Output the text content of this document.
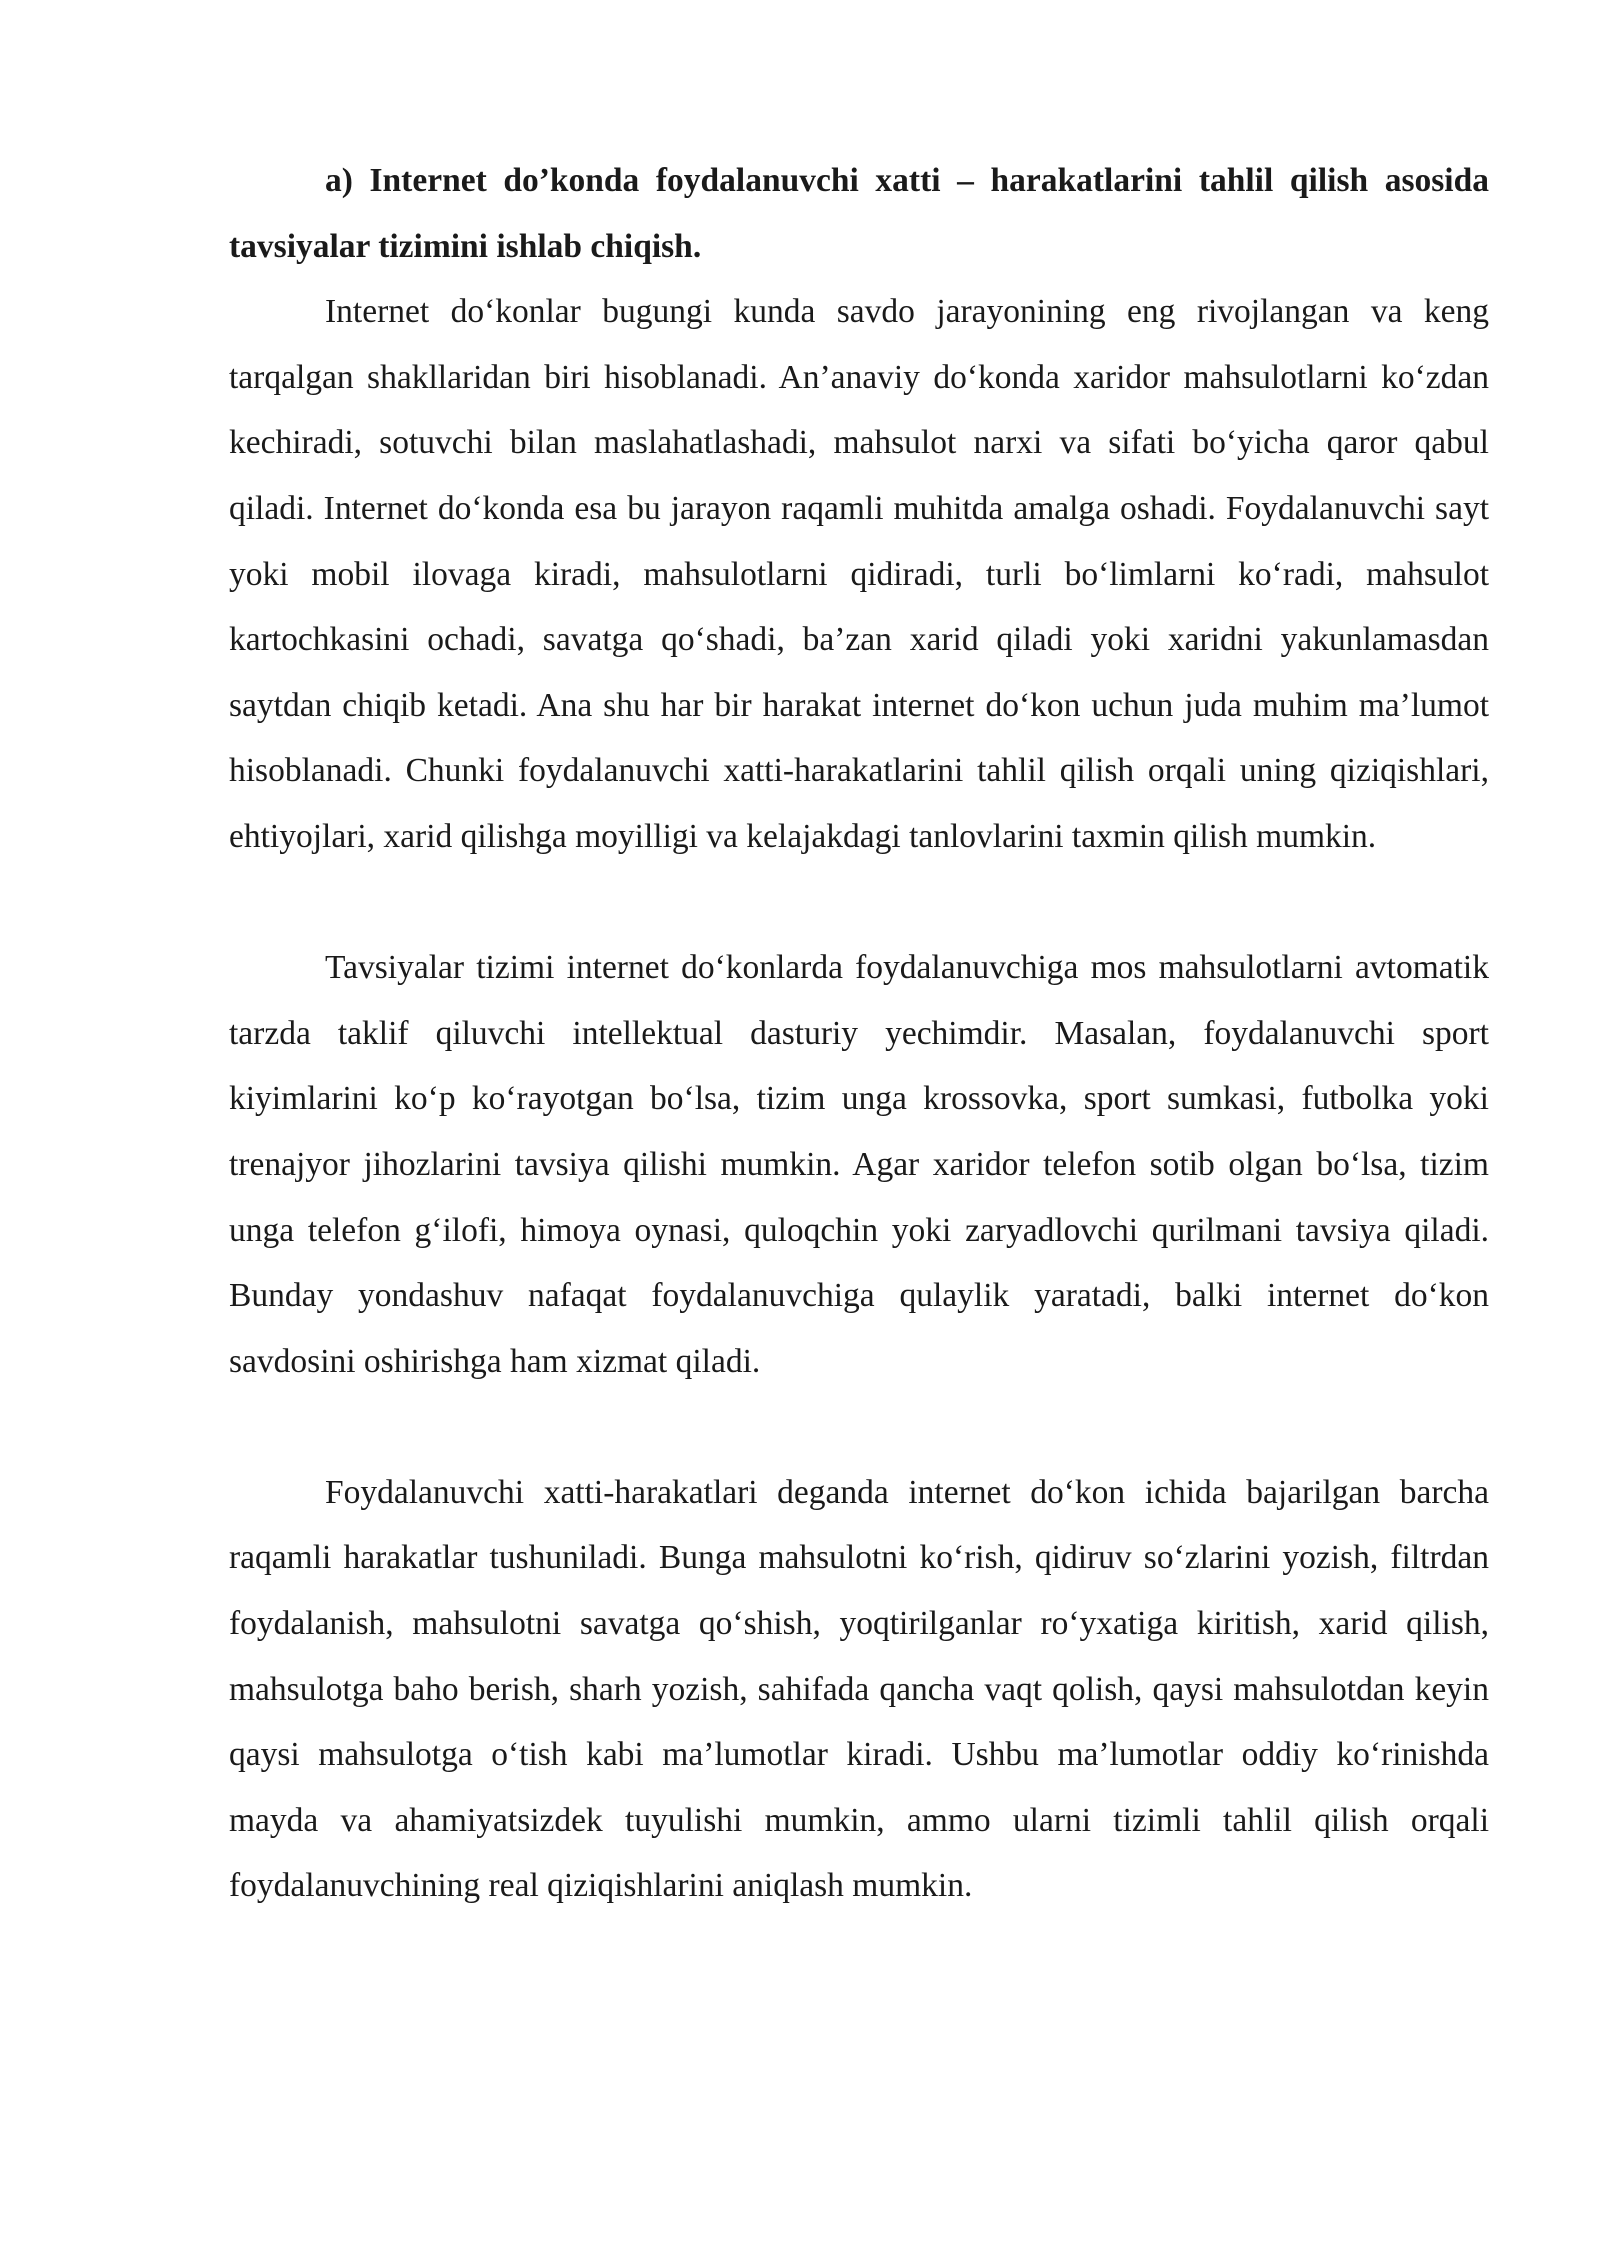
a) Internet do’konda foydalanuvchi xatti – harakatlarini tahlil qilish asosida tavsiyalar tizimini ishlab chiqish.

Internet do‘konlar bugungi kunda savdo jarayonining eng rivojlangan va keng tarqalgan shakllaridan biri hisoblanadi. An’anaviy do‘konda xaridor mahsulotlarni ko‘zdan kechiradi, sotuvchi bilan maslahatlashadi, mahsulot narxi va sifati bo‘yicha qaror qabul qiladi. Internet do‘konda esa bu jarayon raqamli muhitda amalga oshadi. Foydalanuvchi sayt yoki mobil ilovaga kiradi, mahsulotlarni qidiradi, turli bo‘limlarni ko‘radi, mahsulot kartochkasini ochadi, savatga qo‘shadi, ba’zan xarid qiladi yoki xaridni yakunlamasdan saytdan chiqib ketadi. Ana shu har bir harakat internet do‘kon uchun juda muhim ma’lumot hisoblanadi. Chunki foydalanuvchi xatti-harakatlarini tahlil qilish orqali uning qiziqishlari, ehtiyojlari, xarid qilishga moyilligi va kelajakdagi tanlovlarini taxmin qilish mumkin.

Tavsiyalar tizimi internet do‘konlarda foydalanuvchiga mos mahsulotlarni avtomatik tarzda taklif qiluvchi intellektual dasturiy yechimdir. Masalan, foydalanuvchi sport kiyimlarini ko‘p ko‘rayotgan bo‘lsa, tizim unga krossovka, sport sumkasi, futbolka yoki trenajyor jihozlarini tavsiya qilishi mumkin. Agar xaridor telefon sotib olgan bo‘lsa, tizim unga telefon g‘ilofi, himoya oynasi, quloqchin yoki zaryadlovchi qurilmani tavsiya qiladi. Bunday yondashuv nafaqat foydalanuvchiga qulaylik yaratadi, balki internet do‘kon savdosini oshirishga ham xizmat qiladi.

Foydalanuvchi xatti-harakatlari deganda internet do‘kon ichida bajarilgan barcha raqamli harakatlar tushuniladi. Bunga mahsulotni ko‘rish, qidiruv so‘zlarini yozish, filtrdan foydalanish, mahsulotni savatga qo‘shish, yoqtirilganlar ro‘yxatiga kiritish, xarid qilish, mahsulotga baho berish, sharh yozish, sahifada qancha vaqt qolish, qaysi mahsulotdan keyin qaysi mahsulotga o‘tish kabi ma’lumotlar kiradi. Ushbu ma’lumotlar oddiy ko‘rinishda mayda va ahamiyatsizdek tuyulishi mumkin, ammo ularni tizimli tahlil qilish orqali foydalanuvchining real qiziqishlarini aniqlash mumkin.
